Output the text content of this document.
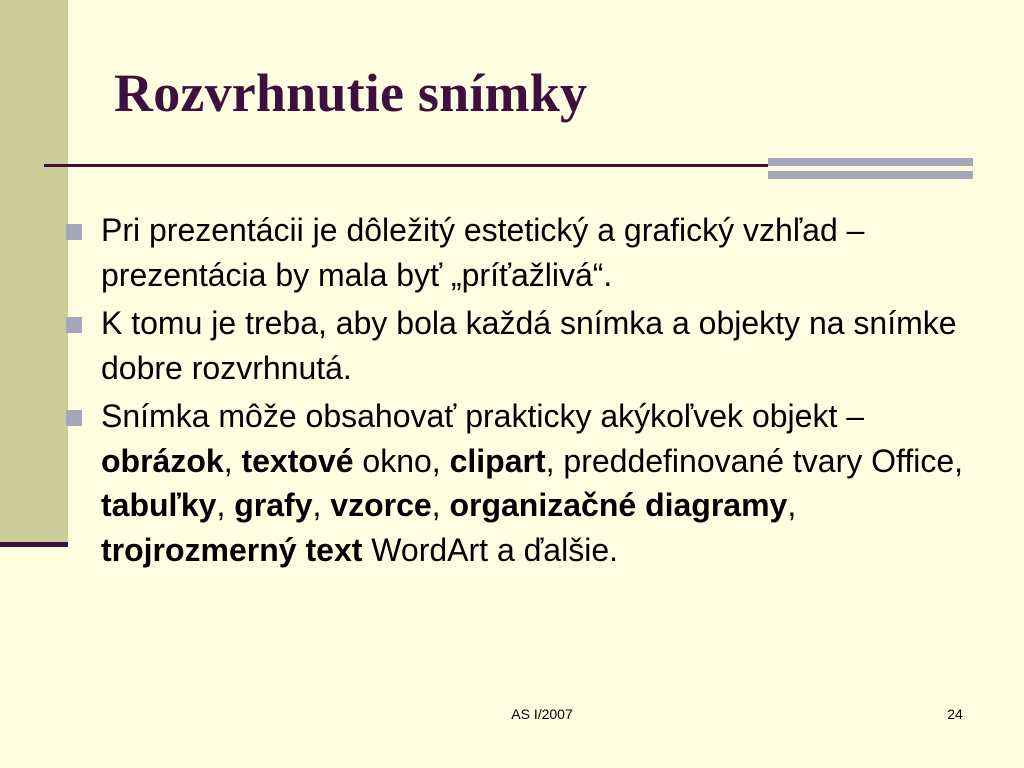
Rozvrhnutie snímky
Pri prezentácii je dôležitý estetický a grafický vzhľad – prezentácia by mala byť „príťažlivá“.
K tomu je treba, aby bola každá snímka a objekty na snímke dobre rozvrhnutá.
Snímka môže obsahovať prakticky akýkoľvek objekt – obrázok, textové okno, clipart, preddefinované tvary Office, tabuľky, grafy, vzorce, organizačné diagramy, trojrozmerný text WordArt a ďalšie.
AS I/2007	24
